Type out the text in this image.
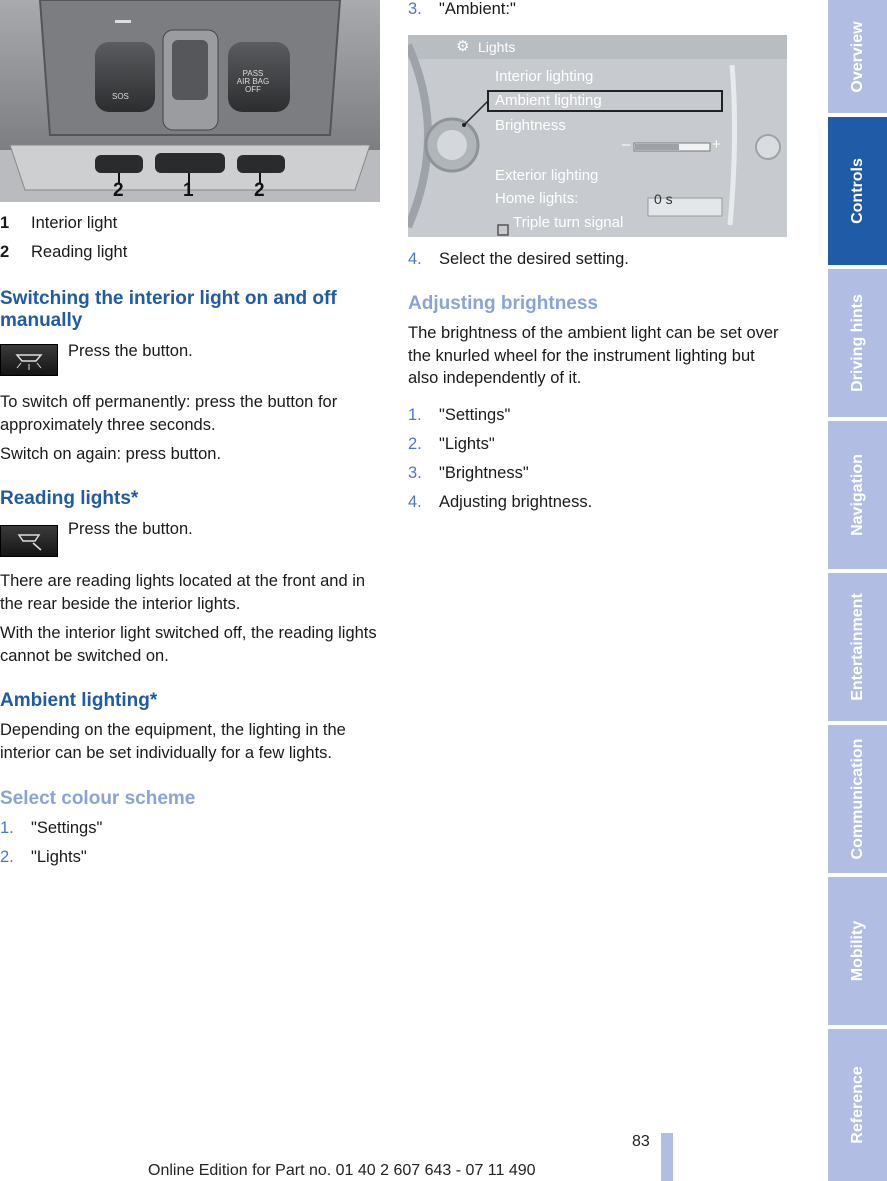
SOS
PASS
AIR BAG
OFF
2	1	2
1 Interior light
2 Reading light
Switching the interior light on and off manually
Press the button.
To switch off permanently: press the button for approximately three seconds.
Switch on again: press button.
Reading lights*
Press the button.
There are reading lights located at the front and in the rear beside the interior lights.
With the interior light switched off, the reading lights cannot be switched on.
Ambient lighting*
Depending on the equipment, the lighting in the interior can be set individually for a few lights.
Select colour scheme
1. "Settings"
2. "Lights"
3. "Ambient:"
⚙ Lights
Interior lighting
Ambient lighting
Brightness
–	+
Exterior lighting
Home lights:	0 s
Triple turn signal
4. Select the desired setting.
Adjusting brightness
The brightness of the ambient light can be set over the knurled wheel for the instrument lighting but also independently of it.
1. "Settings"
2. "Lights"
3. "Brightness"
4. Adjusting brightness.
Overview
Controls
Driving hints
Navigation
Entertainment
Communication
Mobility
Reference
83
Online Edition for Part no. 01 40 2 607 643 - 07 11 490
